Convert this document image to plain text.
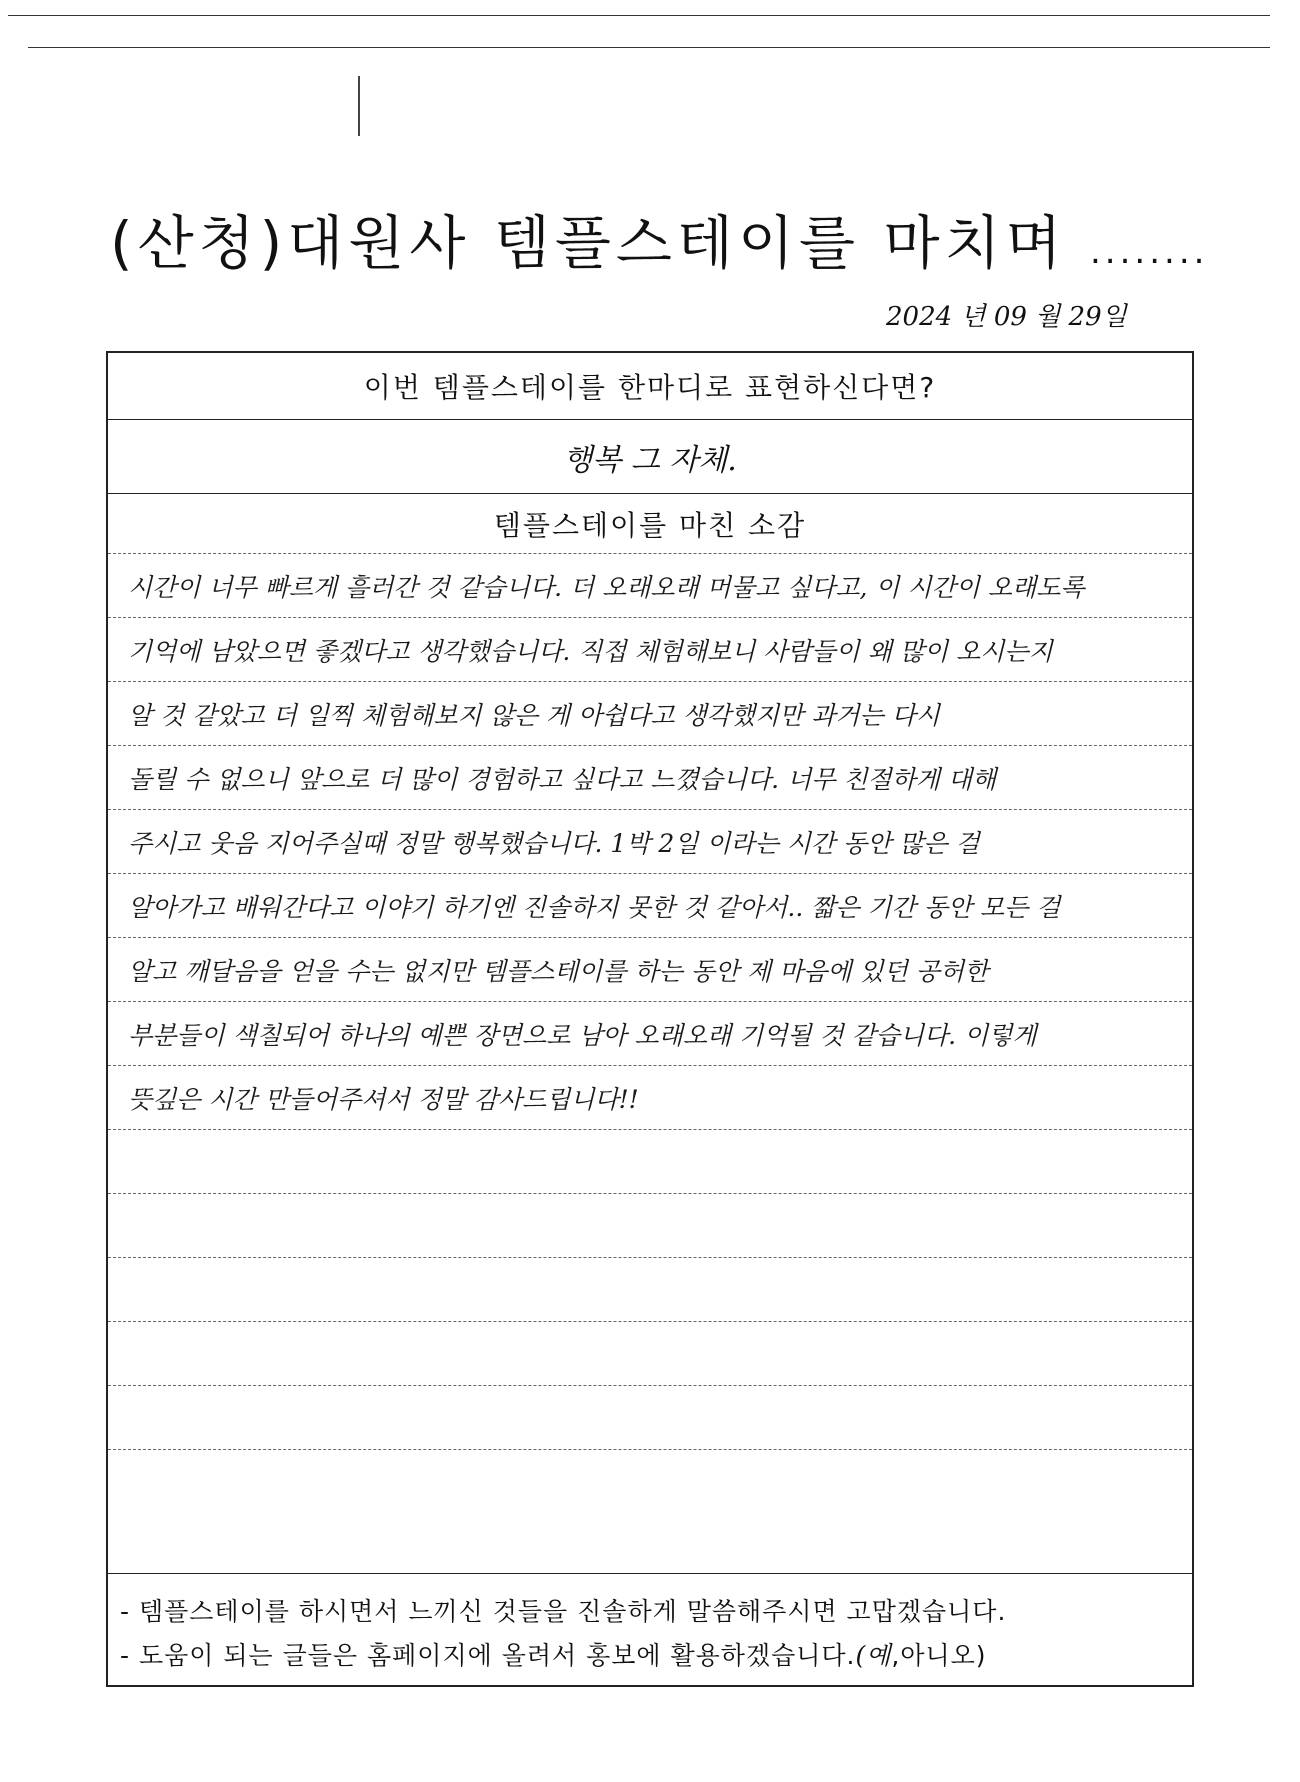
(산청)대원사 템플스테이를 마치며 ........
2024 년 09 월 29일
이번 템플스테이를 한마디로 표현하신다면?
행복 그 자체.
템플스테이를 마친 소감
시간이 너무 빠르게 흘러간 것 같습니다. 더 오래오래 머물고 싶다고, 이 시간이 오래도록
기억에 남았으면 좋겠다고 생각했습니다. 직접 체험해보니 사람들이 왜 많이 오시는지
알 것 같았고 더 일찍 체험해보지 않은 게 아쉽다고 생각했지만 과거는 다시
돌릴 수 없으니 앞으로 더 많이 경험하고 싶다고 느꼈습니다. 너무 친절하게 대해
주시고 웃음 지어주실때 정말 행복했습니다. 1박 2일 이라는 시간 동안 많은 걸
알아가고 배워간다고 이야기 하기엔 진솔하지 못한 것 같아서.. 짧은 기간 동안 모든 걸
알고 깨달음을 얻을 수는 없지만 템플스테이를 하는 동안 제 마음에 있던 공허한
부분들이 색칠되어 하나의 예쁜 장면으로 남아 오래오래 기억될 것 같습니다. 이렇게
뜻깊은 시간 만들어주셔서 정말 감사드립니다!!
- 템플스테이를 하시면서 느끼신 것들을 진솔하게 말씀해주시면 고맙겠습니다.
- 도움이 되는 글들은 홈페이지에 올려서 홍보에 활용하겠습니다.(예,아니오)
